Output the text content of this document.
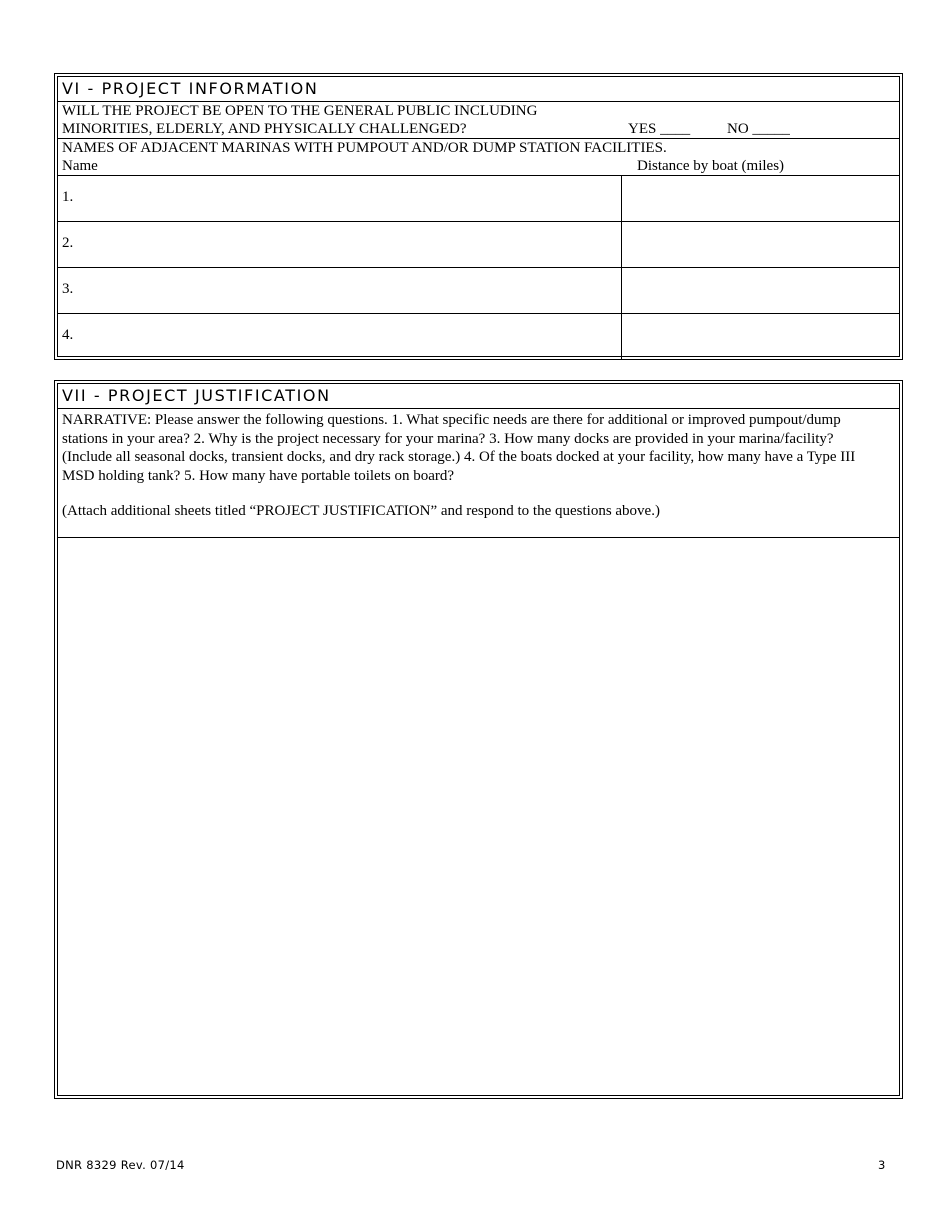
VI - PROJECT INFORMATION
WILL THE PROJECT BE OPEN TO THE GENERAL PUBLIC INCLUDING
MINORITIES, ELDERLY, AND PHYSICALLY CHALLENGED?	YES ____ NO _____
NAMES OF ADJACENT MARINAS WITH PUMPOUT AND/OR DUMP STATION FACILITIES.
Name	Distance by boat (miles)
1.
2.
3.
4.
VII - PROJECT JUSTIFICATION
NARRATIVE: Please answer the following questions. 1. What specific needs are there for additional or improved pumpout/dump
stations in your area? 2. Why is the project necessary for your marina? 3. How many docks are provided in your marina/facility?
(Include all seasonal docks, transient docks, and dry rack storage.) 4. Of the boats docked at your facility, how many have a Type III
MSD holding tank? 5. How many have portable toilets on board?
(Attach additional sheets titled “PROJECT JUSTIFICATION” and respond to the questions above.)
DNR 8329 Rev. 07/14	3
